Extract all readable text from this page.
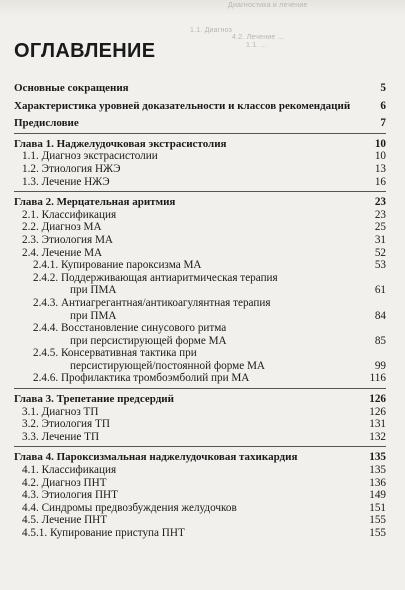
Диагностика и лечение
1.1. Диагноз
4.2. Лечение ...
1.1. ...
ОГЛАВЛЕНИЕ
Основные сокращения	5
Характеристика уровней доказательности и классов рекомендаций	6
Предисловие	7
Глава 1. Наджелудочковая экстрасистолия	10
1.1. Диагноз экстрасистолии	10
1.2. Этиология НЖЭ	13
1.3. Лечение НЖЭ	16
Глава 2. Мерцательная аритмия	23
2.1. Классификация	23
2.2. Диагноз МА	25
2.3. Этиология МА	31
2.4. Лечение МА	52
2.4.1. Купирование пароксизма МА	53
2.4.2. Поддерживающая антиаритмическая терапия
при ПМА	61
2.4.3. Антиагрегантная/антикоагулянтная терапия
при ПМА	84
2.4.4. Восстановление синусового ритма
при персистирующей форме МА	85
2.4.5. Консервативная тактика при
персистирующей/постоянной форме МА	99
2.4.6. Профилактика тромбоэмболий при МА	116
Глава 3. Трепетание предсердий	126
3.1. Диагноз ТП	126
3.2. Этиология ТП	131
3.3. Лечение ТП	132
Глава 4. Пароксизмальная наджелудочковая тахикардия	135
4.1. Классификация	135
4.2. Диагноз ПНТ	136
4.3. Этиология ПНТ	149
4.4. Синдромы предвозбуждения желудочков	151
4.5. Лечение ПНТ	155
4.5.1. Купирование приступа ПНТ	155
